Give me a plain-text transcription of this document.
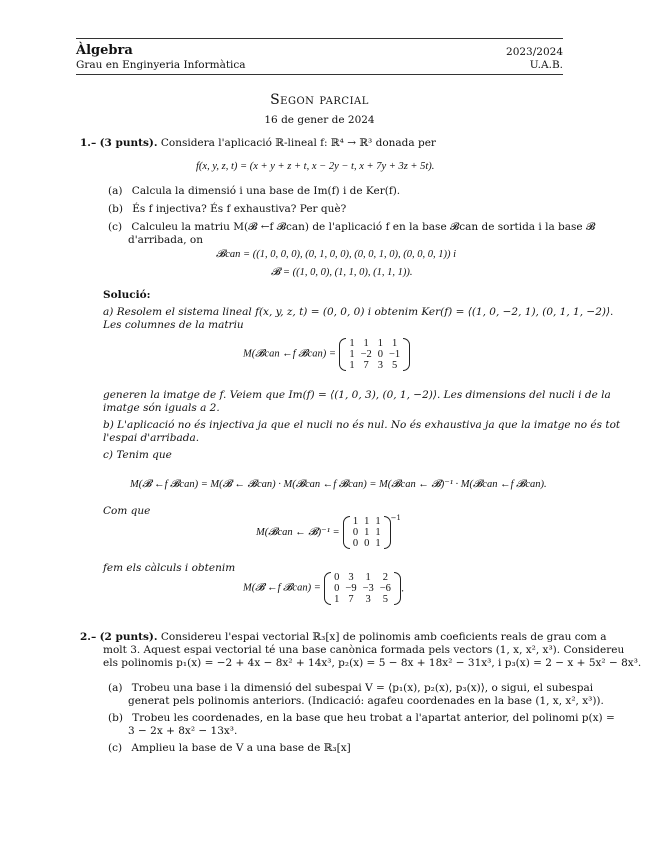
Àlgebra
Grau en Enginyeria Informàtica
2023/2024
U.A.B.
Segon parcial
16 de gener de 2024
1.– (3 punts). Considera l'aplicació ℝ-lineal f: ℝ⁴ → ℝ³ donada per
f(x, y, z, t) = (x + y + z + t, x − 2y − t, x + 7y + 3z + 5t).
(a) Calcula la dimensió i una base de Im(f) i de Ker(f).
(b) És f injectiva? És f exhaustiva? Per què?
(c) Calculeu la matriu M(𝓑 ←f 𝓑can) de l'aplicació f en la base 𝓑can de sortida i la base 𝓑
d'arribada, on
𝓑can = ((1, 0, 0, 0), (0, 1, 0, 0), (0, 0, 1, 0), (0, 0, 0, 1)) i
𝓑 = ((1, 0, 0), (1, 1, 0), (1, 1, 1)).
Solució:
a) Resolem el sistema lineal f(x, y, z, t) = (0, 0, 0) i obtenim Ker(f) = ⟨(1, 0, −2, 1), (0, 1, 1, −2)⟩.
Les columnes de la matriu
M(𝓑can ←f 𝓑can) =
1	1	1	1
1	−2	0	−1
1	7	3	5
generen la imatge de f. Veiem que Im(f) = ⟨(1, 0, 3), (0, 1, −2)⟩. Les dimensions del nucli i de la
imatge són iguals a 2.
b) L'aplicació no és injectiva ja que el nucli no és nul. No és exhaustiva ja que la imatge no és tot
l'espai d'arribada.
c) Tenim que
M(𝓑 ←f 𝓑can) = M(𝓑 ← 𝓑can) · M(𝓑can ←f 𝓑can) = M(𝓑can ← 𝓑)⁻¹ · M(𝓑can ←f 𝓑can).
Com que
M(𝓑can ← 𝓑)⁻¹ =
1	1	1
0	1	1
0	0	1
$^{-1}$
fem els càlculs i obtenim
M(𝓑 ←f 𝓑can) =
0	3	1	2
0	−9	−3	−6
1	7	3	5
.
2.– (2 punts). Considereu l'espai vectorial ℝ₃[x] de polinomis amb coeficients reals de grau com a
molt 3. Aquest espai vectorial té una base canònica formada pels vectors (1, x, x², x³). Considereu
els polinomis p₁(x) = −2 + 4x − 8x² + 14x³, p₂(x) = 5 − 8x + 18x² − 31x³, i p₃(x) = 2 − x + 5x² − 8x³.
(a) Trobeu una base i la dimensió del subespai V = ⟨p₁(x), p₂(x), p₃(x)⟩, o sigui, el subespai
generat pels polinomis anteriors. (Indicació: agafeu coordenades en la base (1, x, x², x³)).
(b) Trobeu les coordenades, en la base que heu trobat a l'apartat anterior, del polinomi p(x) =
3 − 2x + 8x² − 13x³.
(c) Amplieu la base de V a una base de ℝ₃[x]
